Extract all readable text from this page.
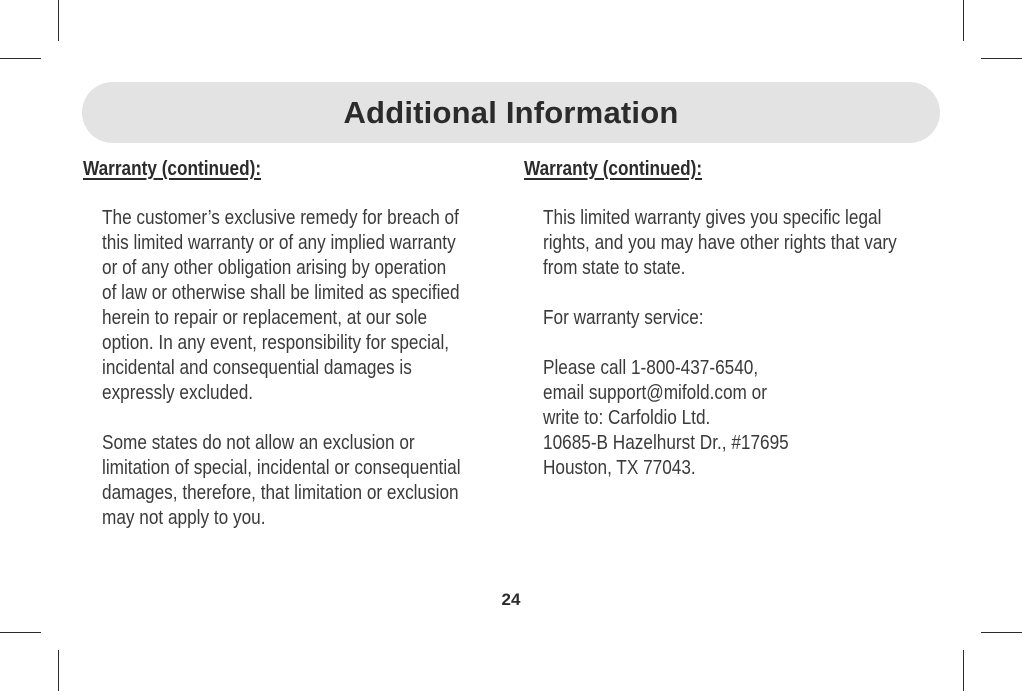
Additional Information
Warranty (continued):
The customer’s exclusive remedy for breach of
this limited warranty or of any implied warranty
or of any other obligation arising by operation
of law or otherwise shall be limited as specified
herein to repair or replacement, at our sole
option. In any event, responsibility for special,
incidental and consequential damages is
expressly excluded.
Some states do not allow an exclusion or
limitation of special, incidental or consequential
damages, therefore, that limitation or exclusion
may not apply to you.
Warranty (continued):
This limited warranty gives you specific legal
rights, and you may have other rights that vary
from state to state.
For warranty service:
Please call 1-800-437-6540,
email support@mifold.com or
write to: Carfoldio Ltd.
10685-B Hazelhurst Dr., #17695
Houston, TX 77043.
24
